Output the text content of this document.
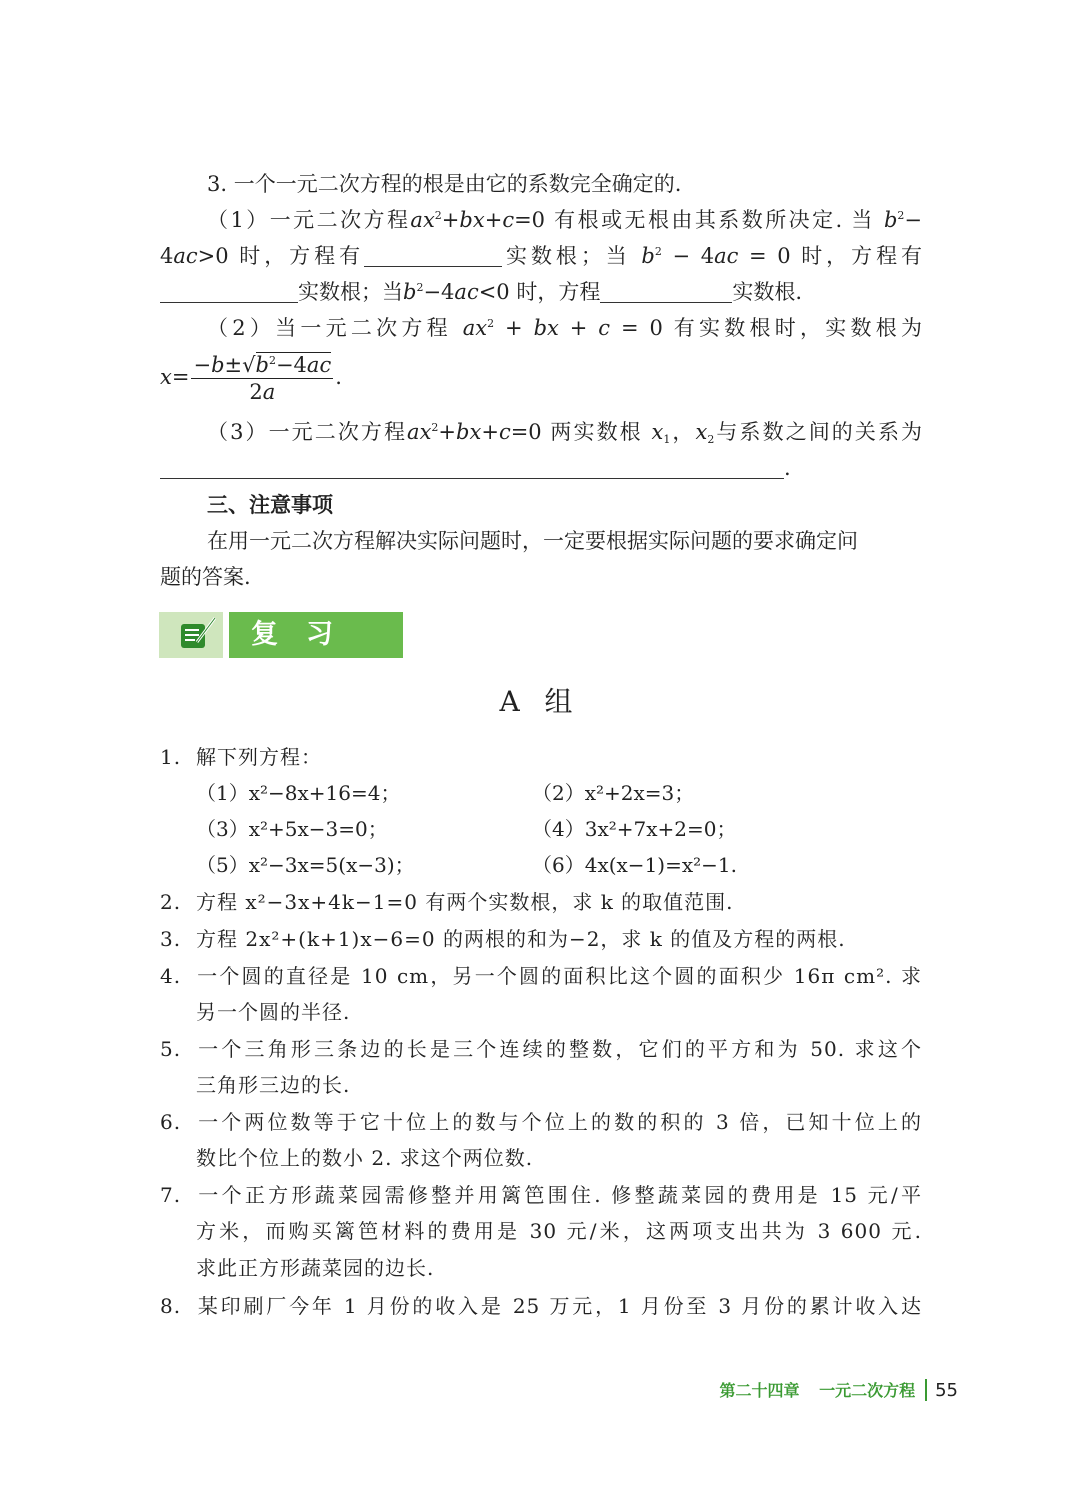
3. 一个一元二次方程的根是由它的系数完全确定的.
（1）一元二次方程$ax^2+bx+c=0$ 有根或无根由其系数所决定. 当 $b^2-$
4ac>0 时，方程有	实数根；当 $b^2 - 4ac = 0$ 时，方程有
实数根；当$b^2-4ac<0$ 时，方程	实数根.
（2）当一元二次方程 $ax^2$ + bx + c = 0 有实数根时，实数根为
$x= \frac{-b\pm√b^2-4ac}{2a}$ .
（3）一元二次方程$ax^2+bx+c=0$ 两实数根 $x_1$，$x_2$与系数之间的关系为
.
三、注意事项
在用一元二次方程解决实际问题时，一定要根据实际问题的要求确定问
题的答案.
复习题
A 组
1. 解下列方程：
（1）x²−8x+16=4；	（2）x²+2x=3；
（3）x²+5x−3=0；	（4）3x²+7x+2=0；
（5）x²−3x=5(x−3)；	（6）4x(x−1)=x²−1.
2. 方程 x²−3x+4k−1=0 有两个实数根，求 k 的取值范围.
3. 方程 2x²+(k+1)x−6=0 的两根的和为−2，求 k 的值及方程的两根.
4. 一个圆的直径是 10 cm，另一个圆的面积比这个圆的面积少 16π cm². 求
另一个圆的半径.
5. 一个三角形三条边的长是三个连续的整数，它们的平方和为 50. 求这个
三角形三边的长.
6. 一个两位数等于它十位上的数与个位上的数的积的 3 倍，已知十位上的
数比个位上的数小 2. 求这个两位数.
7. 一个正方形蔬菜园需修整并用篱笆围住. 修整蔬菜园的费用是 15 元/平
方米，而购买篱笆材料的费用是 30 元/米，这两项支出共为 3 600 元.
求此正方形蔬菜园的边长.
8. 某印刷厂今年 1 月份的收入是 25 万元，1 月份至 3 月份的累计收入达
第二十四章 一元二次方程 55
